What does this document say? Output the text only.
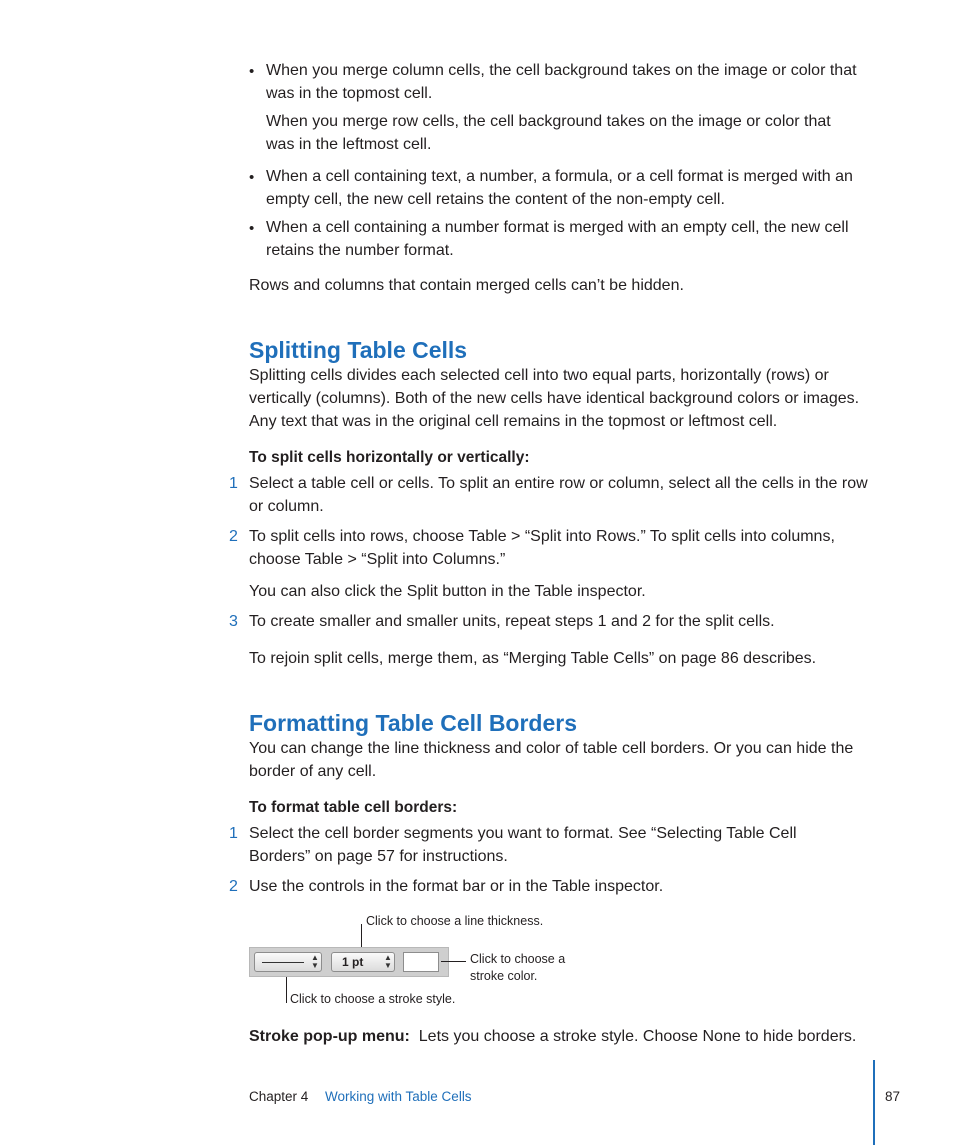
• When you merge column cells, the cell background takes on the image or color that

was in the topmost cell.

When you merge row cells, the cell background takes on the image or color that

was in the leftmost cell.

• When a cell containing text, a number, a formula, or a cell format is merged with an

empty cell, the new cell retains the content of the non-empty cell.

• When a cell containing a number format is merged with an empty cell, the new cell

retains the number format.

Rows and columns that contain merged cells can’t be hidden.

Splitting Table Cells

Splitting cells divides each selected cell into two equal parts, horizontally (rows) or

vertically (columns). Both of the new cells have identical background colors or images.

Any text that was in the original cell remains in the topmost or leftmost cell.

To split cells horizontally or vertically:

1 Select a table cell or cells. To split an entire row or column, select all the cells in the row

or column.

2 To split cells into rows, choose Table > “Split into Rows.” To split cells into columns,

choose Table > “Split into Columns.”

You can also click the Split button in the Table inspector.

3 To create smaller and smaller units, repeat steps 1 and 2 for the split cells.

To rejoin split cells, merge them, as “Merging Table Cells” on page 86 describes.

Formatting Table Cell Borders

You can change the line thickness and color of table cell borders. Or you can hide the

border of any cell.

To format table cell borders:

1 Select the cell border segments you want to format. See “Selecting Table Cell

Borders” on page 57 for instructions.

2 Use the controls in the format bar or in the Table inspector.

Click to choose a line thickness.
▲▼ 1 pt	▲▼	Click to choose a
stroke color.
Click to choose a stroke style.

Stroke pop-up menu: Lets you choose a stroke style. Choose None to hide borders.

Chapter 4 Working with Table Cells	87
